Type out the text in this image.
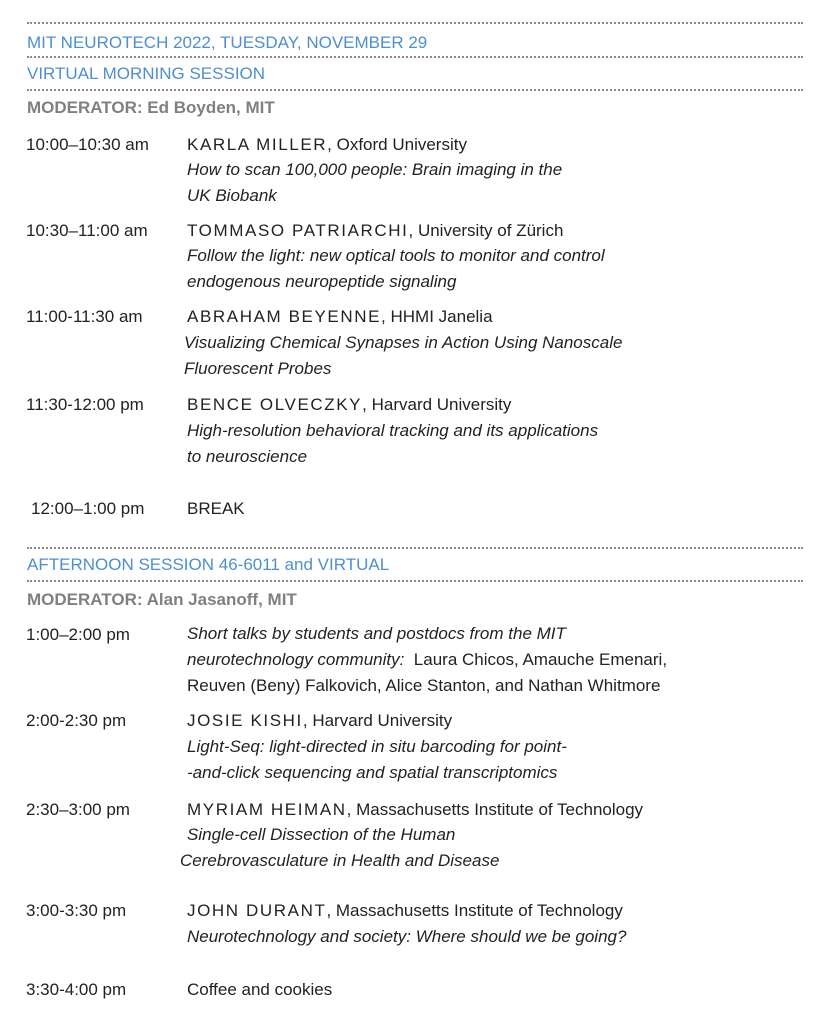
MIT NEUROTECH 2022, TUESDAY, NOVEMBER 29
VIRTUAL MORNING SESSION
MODERATOR: Ed Boyden, MIT
10:00–10:30 am KARLA MILLER, Oxford University
How to scan 100,000 people: Brain imaging in the
UK Biobank
10:30–11:00 am TOMMASO PATRIARCHI, University of Zürich
Follow the light: new optical tools to monitor and control
endogenous neuropeptide signaling
11:00-11:30 am	ABRAHAM BEYENNE, HHMI Janelia
Visualizing Chemical Synapses in Action Using Nanoscale
Fluorescent Probes
11:30-12:00 pm	BENCE OLVECZKY, Harvard University
High-resolution behavioral tracking and its applications
to neuroscience
12:00–1:00 pm	BREAK
AFTERNOON SESSION 46-6011 and VIRTUAL
MODERATOR: Alan Jasanoff, MIT
1:00–2:00 pm	Short talks by students and postdocs from the MIT
neurotechnology community: Laura Chicos, Amauche Emenari,
Reuven (Beny) Falkovich, Alice Stanton, and Nathan Whitmore
2:00-2:30 pm	JOSIE KISHI, Harvard University
Light-Seq: light-directed in situ barcoding for point-
-and-click sequencing and spatial transcriptomics
2:30–3:00 pm	MYRIAM HEIMAN, Massachusetts Institute of Technology
Single-cell Dissection of the Human
Cerebrovasculature in Health and Disease
3:00-3:30 pm	JOHN DURANT, Massachusetts Institute of Technology
Neurotechnology and society: Where should we be going?
3:30-4:00 pm	Coffee and cookies
